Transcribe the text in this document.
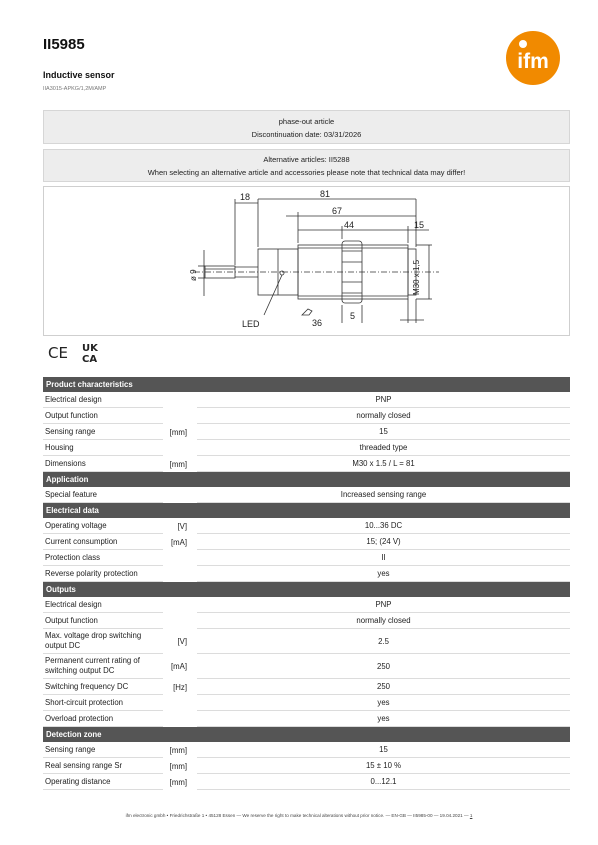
II5985
Inductive sensor
IIA3015-APKG/1,2M/AMP
ifm
phase-out article
Discontinuation date: 03/31/2026
Alternative articles: II5288
When selecting an alternative article and accessories please note that technical data may differ!
18	81
67
44	15
ø 9	M30 x 1,5
LED	36
5
CE UK
CA
Product characteristics
Electrical design	PNP
Output function	normally closed
Sensing range	[mm]	15
Housing	threaded type
Dimensions	[mm]	M30 x 1.5 / L = 81
Application
Special feature	Increased sensing range
Electrical data
Operating voltage	[V]	10...36 DC
Current consumption	[mA]	15; (24 V)
Protection class	II
Reverse polarity protection	yes
Outputs
Electrical design	PNP
Output function	normally closed
Max. voltage drop switching output DC	[V]	2.5
Permanent current rating of switching output DC	[mA]	250
Switching frequency DC	[Hz]	250
Short-circuit protection	yes
Overload protection	yes
Detection zone
Sensing range	[mm]	15
Real sensing range Sr	[mm]	15 ± 10 %
Operating distance	[mm]	0...12.1
ifm electronic gmbh • Friedrichstraße 1 • 45128 Essen — We reserve the right to make technical alterations without prior notice. — EN-GB — II5985-00 — 19.04.2021 — 1
